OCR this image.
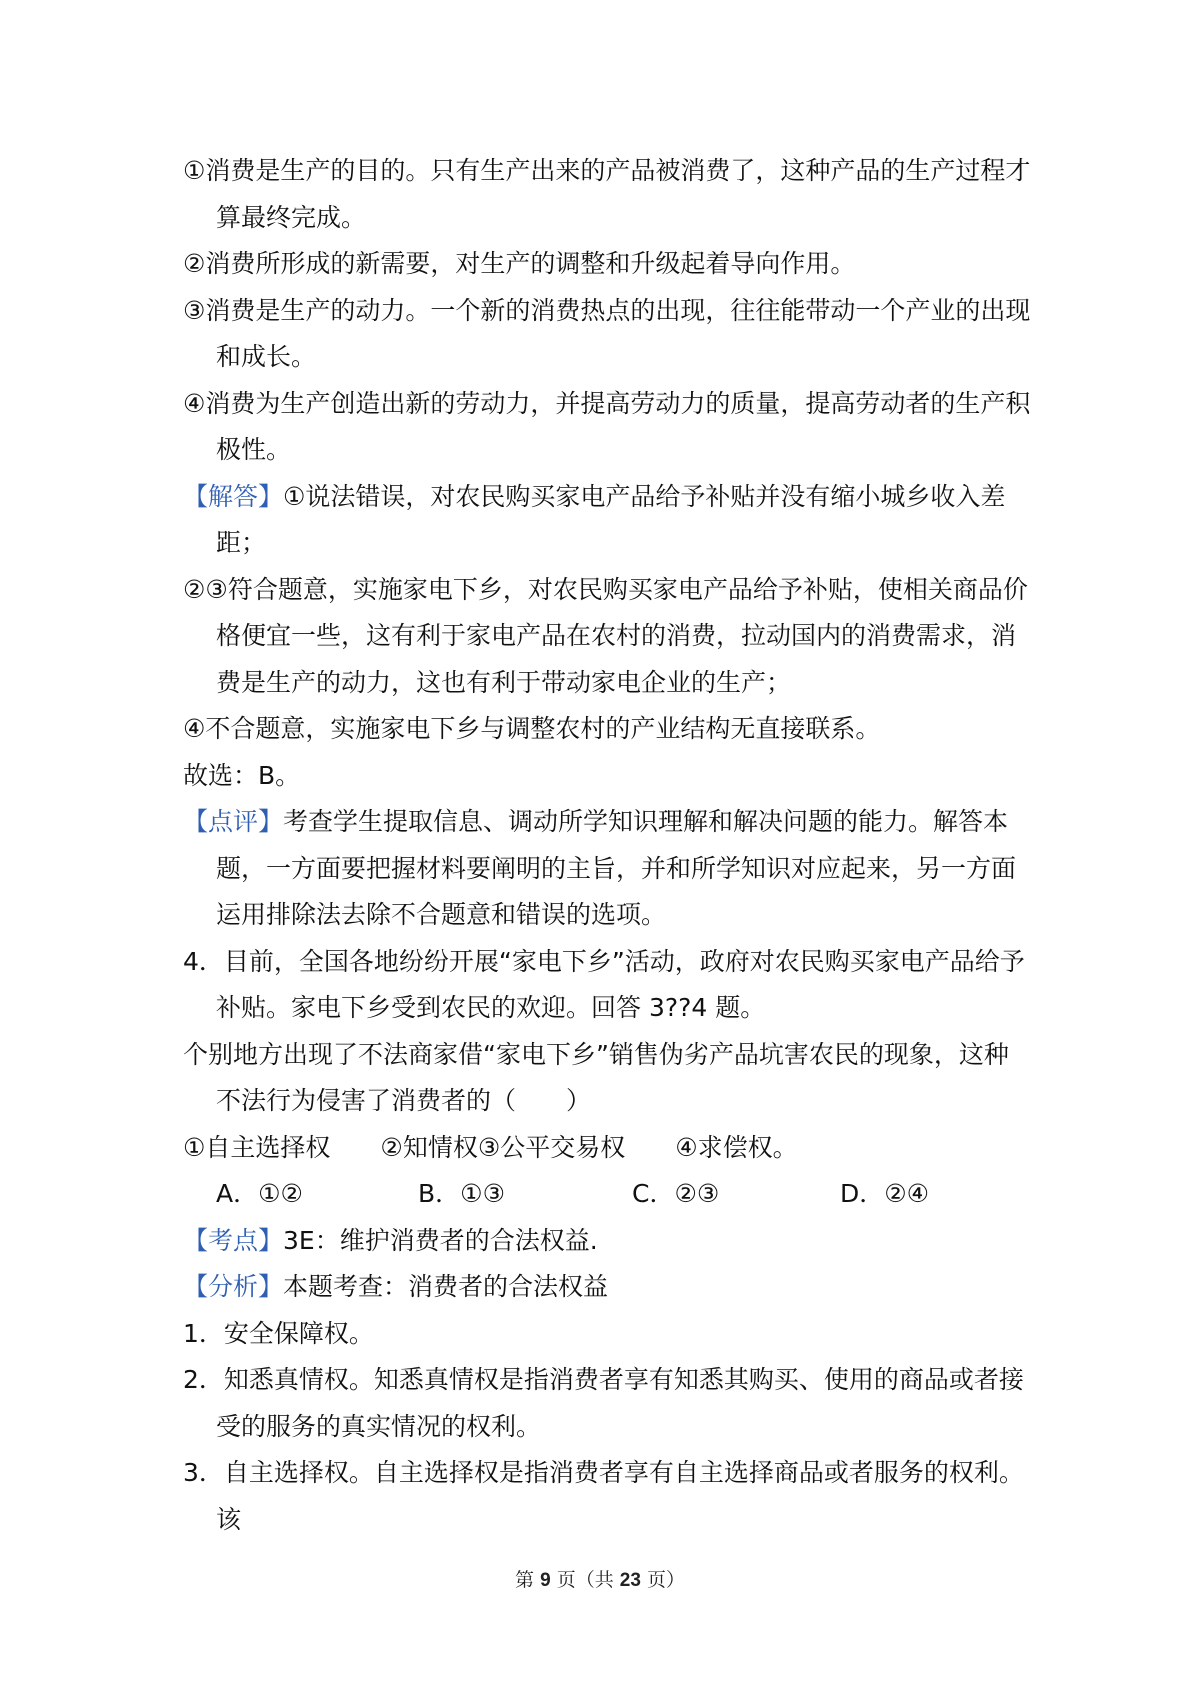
①消费是生产的目的。只有生产出来的产品被消费了，这种产品的生产过程才算最终完成。

②消费所形成的新需要，对生产的调整和升级起着导向作用。

③消费是生产的动力。一个新的消费热点的出现，往往能带动一个产业的出现和成长。

④消费为生产创造出新的劳动力，并提高劳动力的质量，提高劳动者的生产积极性。

【解答】①说法错误，对农民购买家电产品给予补贴并没有缩小城乡收入差距；

②③符合题意，实施家电下乡，对农民购买家电产品给予补贴，使相关商品价格便宜一些，这有利于家电产品在农村的消费，拉动国内的消费需求，消费是生产的动力，这也有利于带动家电企业的生产；

④不合题意，实施家电下乡与调整农村的产业结构无直接联系。

故选：B。

【点评】考查学生提取信息、调动所学知识理解和解决问题的能力。解答本题，一方面要把握材料要阐明的主旨，并和所学知识对应起来，另一方面运用排除法去除不合题意和错误的选项。

4．目前，全国各地纷纷开展“家电下乡”活动，政府对农民购买家电产品给予补贴。家电下乡受到农民的欢迎。回答 3??4 题。

个别地方出现了不法商家借“家电下乡”销售伪劣产品坑害农民的现象，这种不法行为侵害了消费者的（　　）

①自主选择权　　②知情权③公平交易权　　④求偿权。

A．①②	B．①③	C．②③	D．②④

【考点】3E：维护消费者的合法权益.

【分析】本题考查：消费者的合法权益

1．安全保障权。

2．知悉真情权。知悉真情权是指消费者享有知悉其购买、使用的商品或者接受的服务的真实情况的权利。

3．自主选择权。自主选择权是指消费者享有自主选择商品或者服务的权利。该

第 9 页（共 23 页）
